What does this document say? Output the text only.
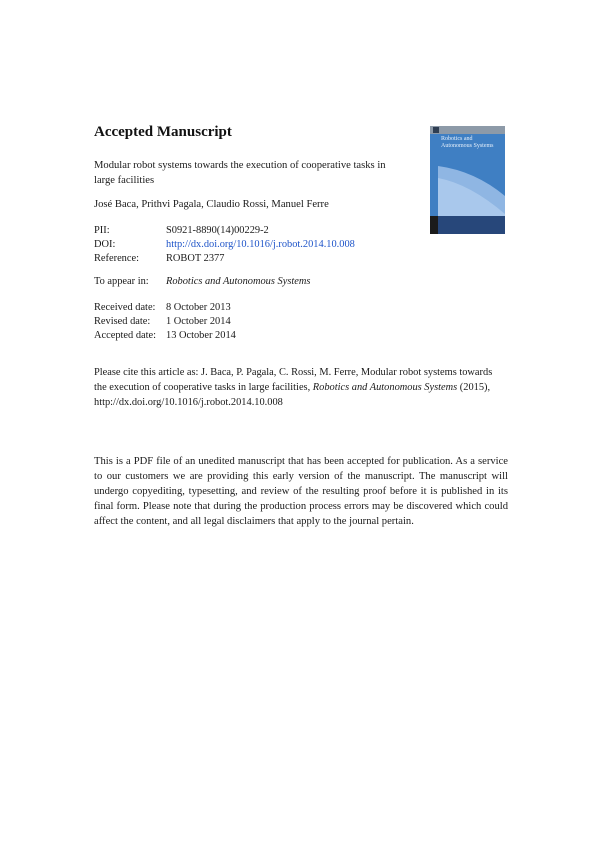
Accepted Manuscript
Modular robot systems towards the execution of cooperative tasks in large facilities
José Baca, Prithvi Pagala, Claudio Rossi, Manuel Ferre
PII:	S0921-8890(14)00229-2
DOI:	http://dx.doi.org/10.1016/j.robot.2014.10.008
Reference:	ROBOT 2377
To appear in:	Robotics and Autonomous Systems
Received date:	8 October 2013
Revised date:	1 October 2014
Accepted date: 13 October 2014
Please cite this article as: J. Baca, P. Pagala, C. Rossi, M. Ferre, Modular robot systems towards the execution of cooperative tasks in large facilities, Robotics and Autonomous Systems (2015), http://dx.doi.org/10.1016/j.robot.2014.10.008
This is a PDF file of an unedited manuscript that has been accepted for publication. As a service to our customers we are providing this early version of the manuscript. The manuscript will undergo copyediting, typesetting, and review of the resulting proof before it is published in its final form. Please note that during the production process errors may be discovered which could affect the content, and all legal disclaimers that apply to the journal pertain.
Robotics and
Autonomous Systems
